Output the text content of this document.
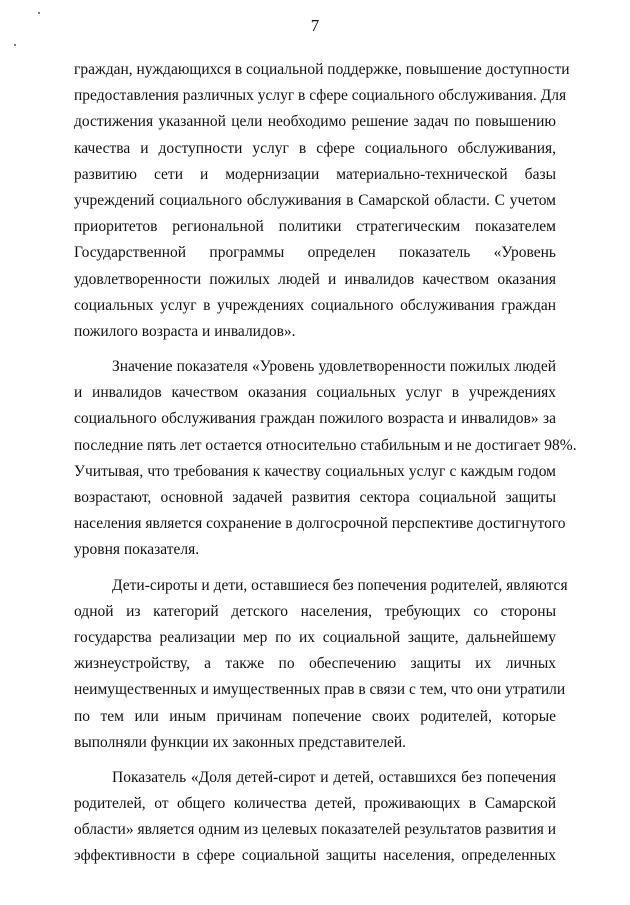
7
граждан, нуждающихся в социальной поддержке, повышение доступности
предоставления различных услуг в сфере социального обслуживания. Для
достижения указанной цели необходимо решение задач по повышению
качества и доступности услуг в сфере социального обслуживания,
развитию сети и модернизации материально-технической базы
учреждений социального обслуживания в Самарской области. С учетом
приоритетов региональной политики стратегическим показателем
Государственной программы определен показатель «Уровень
удовлетворенности пожилых людей и инвалидов качеством оказания
социальных услуг в учреждениях социального обслуживания граждан
пожилого возраста и инвалидов».
Значение показателя «Уровень удовлетворенности пожилых людей
и инвалидов качеством оказания социальных услуг в учреждениях
социального обслуживания граждан пожилого возраста и инвалидов» за
последние пять лет остается относительно стабильным и не достигает 98%.
Учитывая, что требования к качеству социальных услуг с каждым годом
возрастают, основной задачей развития сектора социальной защиты
населения является сохранение в долгосрочной перспективе достигнутого
уровня показателя.
Дети-сироты и дети, оставшиеся без попечения родителей, являются
одной из категорий детского населения, требующих со стороны
государства реализации мер по их социальной защите, дальнейшему
жизнеустройству, а также по обеспечению защиты их личных
неимущественных и имущественных прав в связи с тем, что они утратили
по тем или иным причинам попечение своих родителей, которые
выполняли функции их законных представителей.
Показатель «Доля детей-сирот и детей, оставшихся без попечения
родителей, от общего количества детей, проживающих в Самарской
области» является одним из целевых показателей результатов развития и
эффективности в сфере социальной защиты населения, определенных
